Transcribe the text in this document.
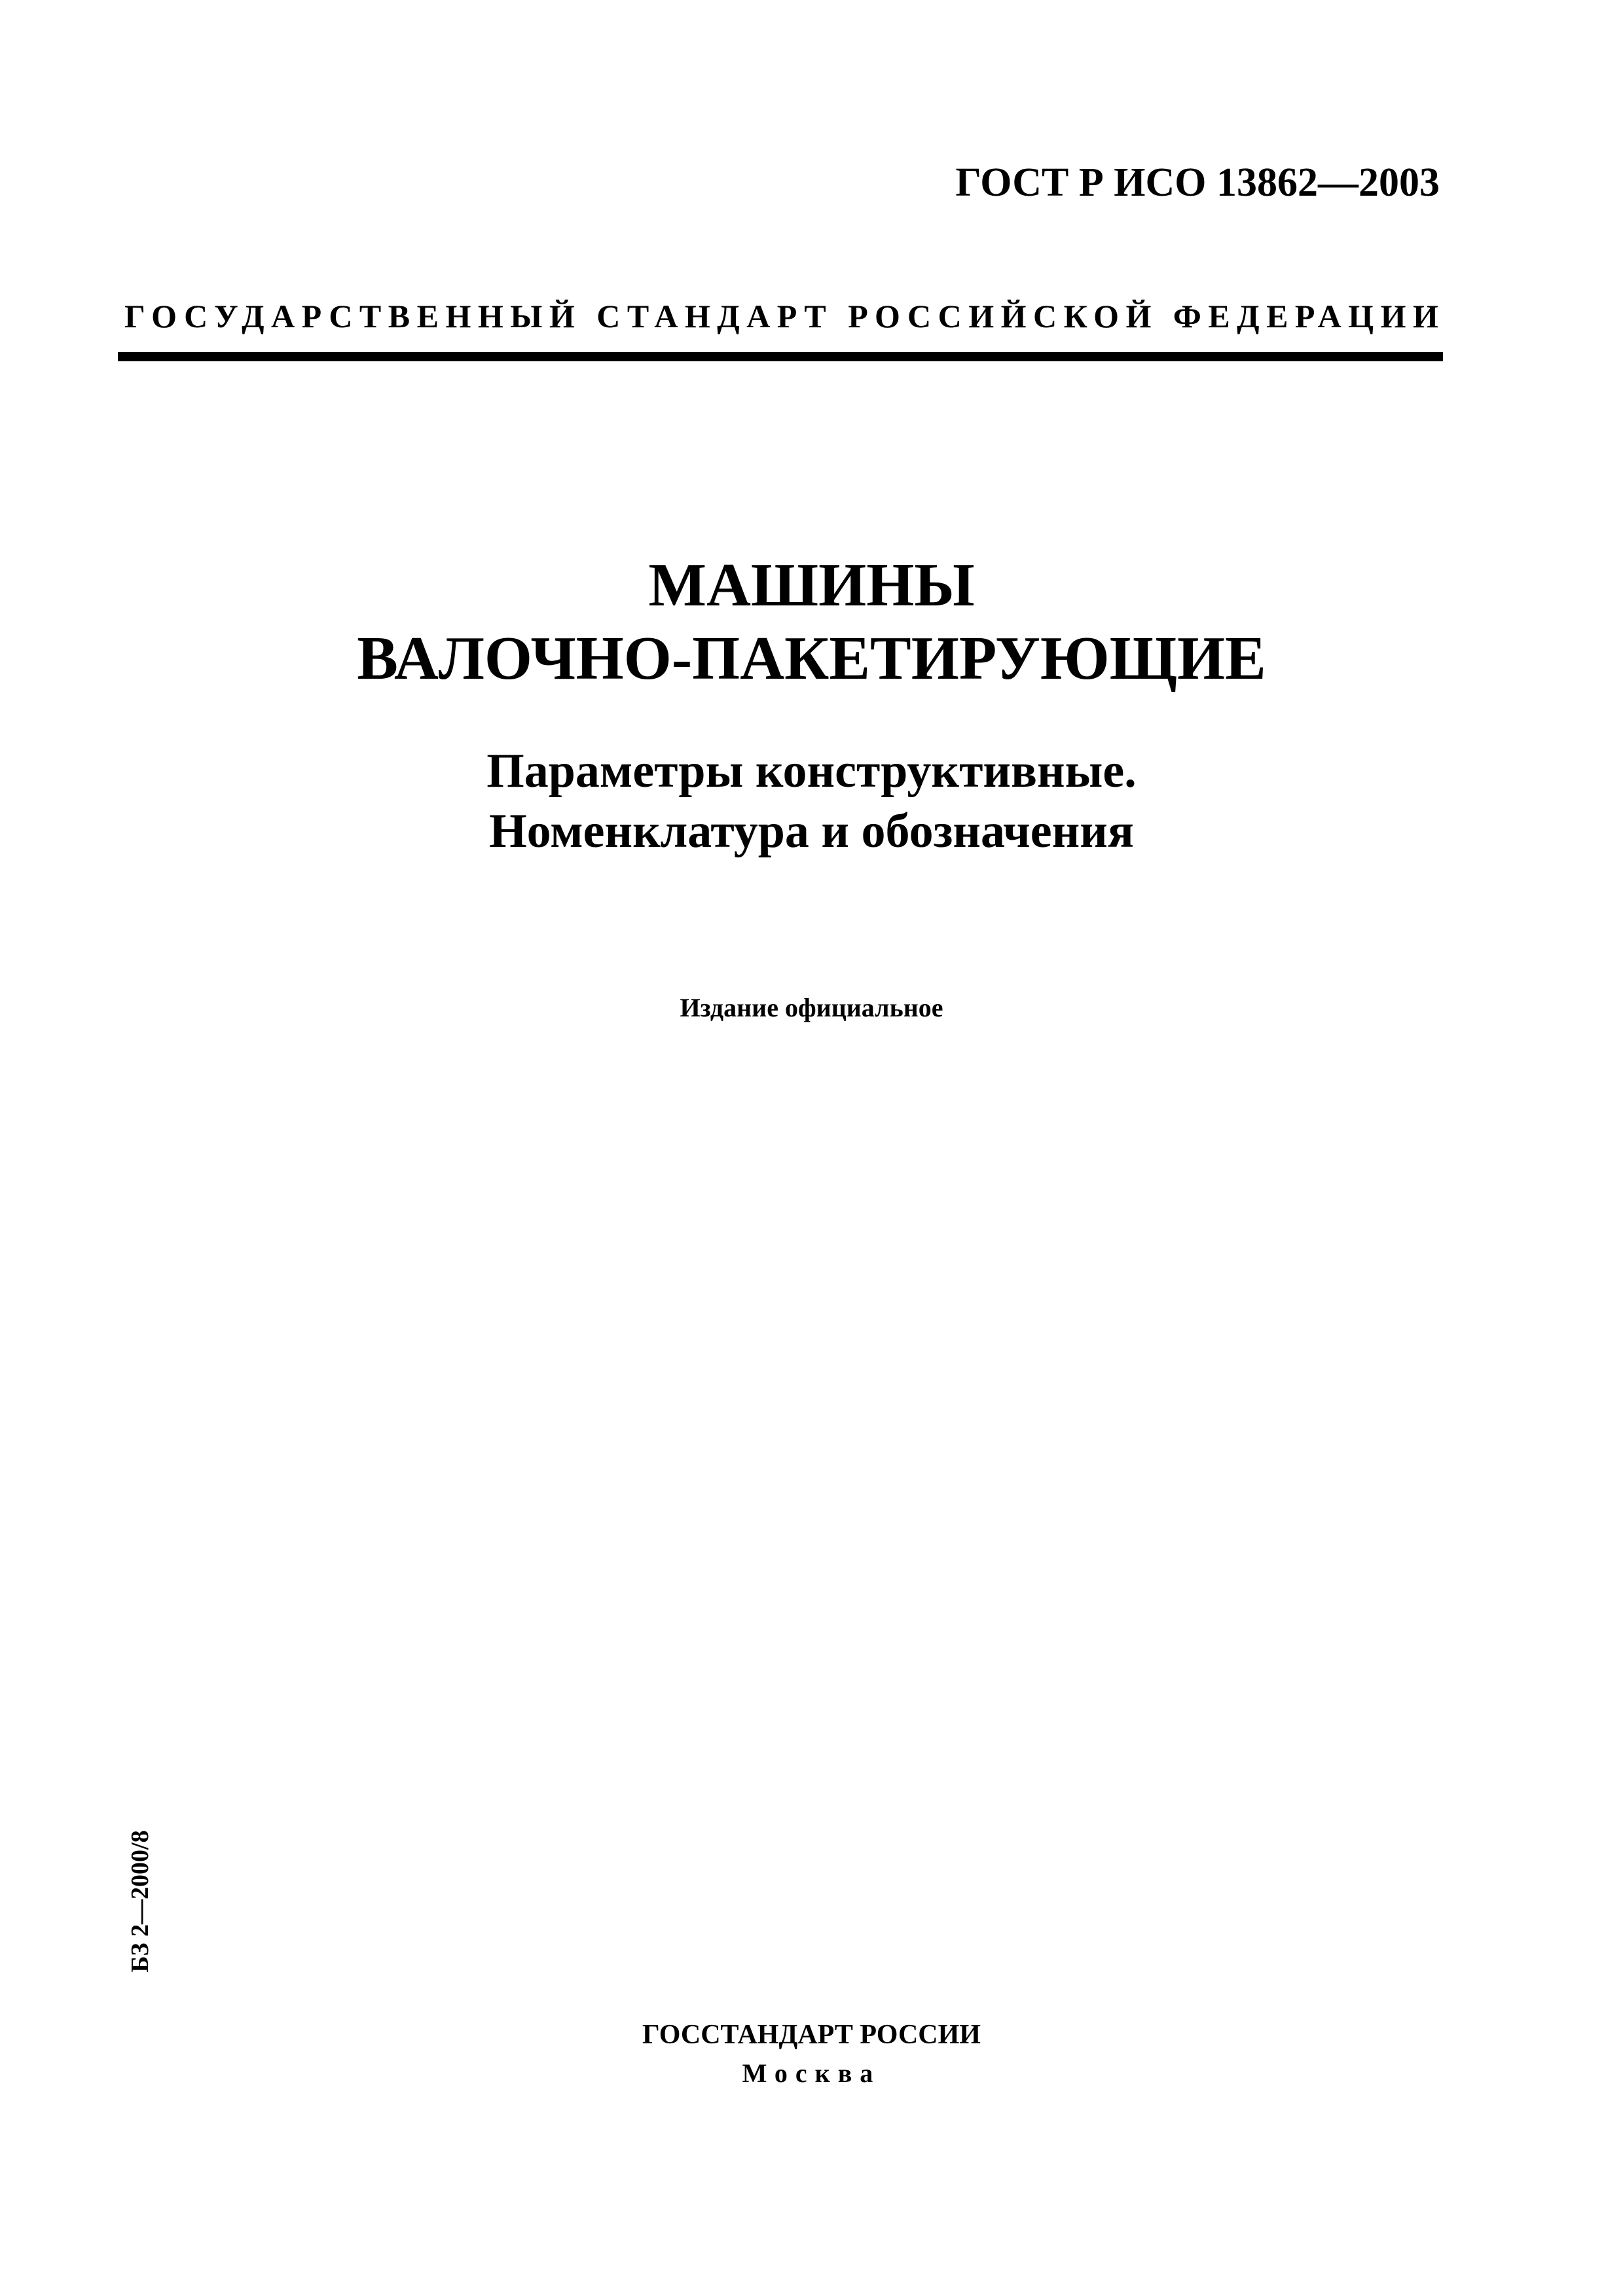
ГОСТ Р ИСО 13862—2003
ГОСУДАРСТВЕННЫЙ СТАНДАРТ РОССИЙСКОЙ ФЕДЕРАЦИИ
МАШИНЫ
ВАЛОЧНО-ПАКЕТИРУЮЩИЕ
Параметры конструктивные.
Номенклатура и обозначения
Издание официальное
БЗ 2—2000/8
ГОССТАНДАРТ РОССИИ
Москва
